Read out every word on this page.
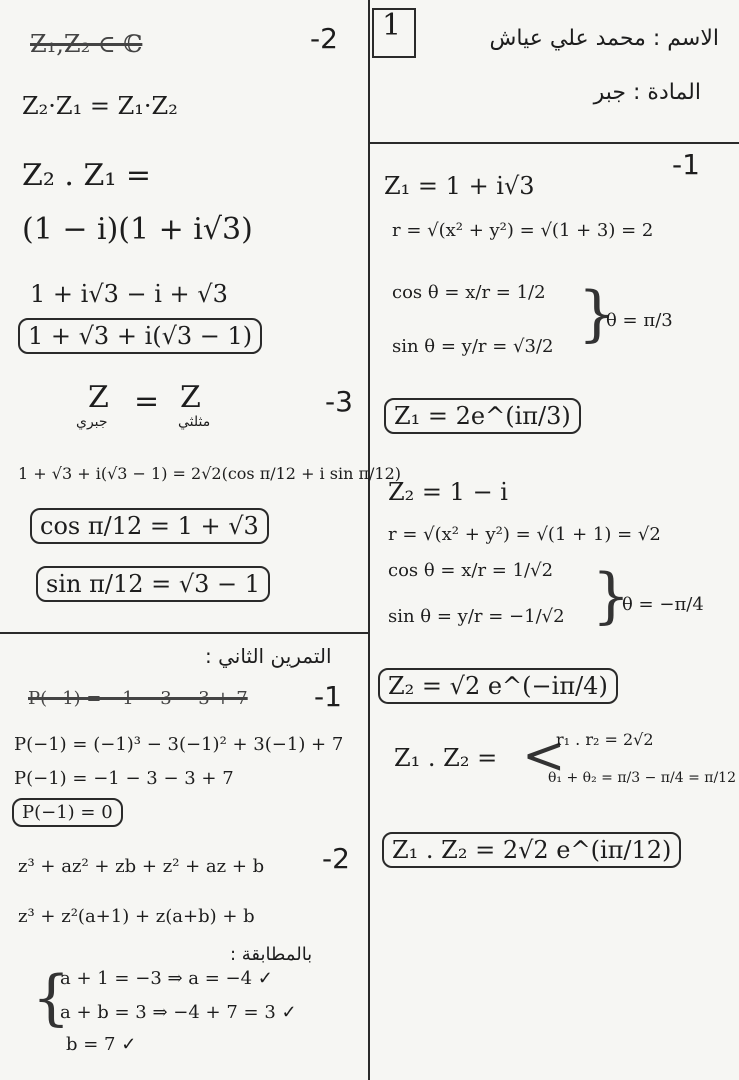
1	الاسم : محمد علي عياش
المادة : جبر
-2
Z₁,Z₂ ∈ ℂ
Z₂·Z₁ = Z₁·Z₂
Z₂ . Z₁ =
(1 − i)(1 + i√3)
1 + i√3 − i + √3
1 + √3 + i(√3 − 1)
-3
Z = Z
جبري	مثلثي
1 + √3 + i(√3 − 1) = 2√2(cos π/12 + i sin π/12)
cos π/12 = 1 + √3
sin π/12 = √3 − 1
التمرين الثاني :
-1
P(−1) = −1 − 3 − 3 + 7
P(−1) = (−1)³ − 3(−1)² + 3(−1) + 7
P(−1) = −1 − 3 − 3 + 7
P(−1) = 0
-2
z³ + az² + zb + z² + az + b
z³ + z²(a+1) + z(a+b) + b
بالمطابقة :
{
a + 1 = −3 ⇒ a = −4 ✓
a + b = 3 ⇒ −4 + 7 = 3 ✓
b = 7 ✓
-1
Z₁ = 1 + i√3
r = √(x² + y²) = √(1 + 3) = 2
cos θ = x/r = 1/2
sin θ = y/r = √3/2 }
θ = π/3
Z₁ = 2e^(iπ/3)
Z₂ = 1 − i
r = √(x² + y²) = √(1 + 1) = √2
cos θ = x/r = 1/√2
sin θ = y/r = −1/√2 }
θ = −π/4
Z₂ = √2 e^(−iπ/4)
Z₁ . Z₂ = <
r₁ . r₂ = 2√2
θ₁ + θ₂ = π/3 − π/4 = π/12
Z₁ . Z₂ = 2√2 e^(iπ/12)
